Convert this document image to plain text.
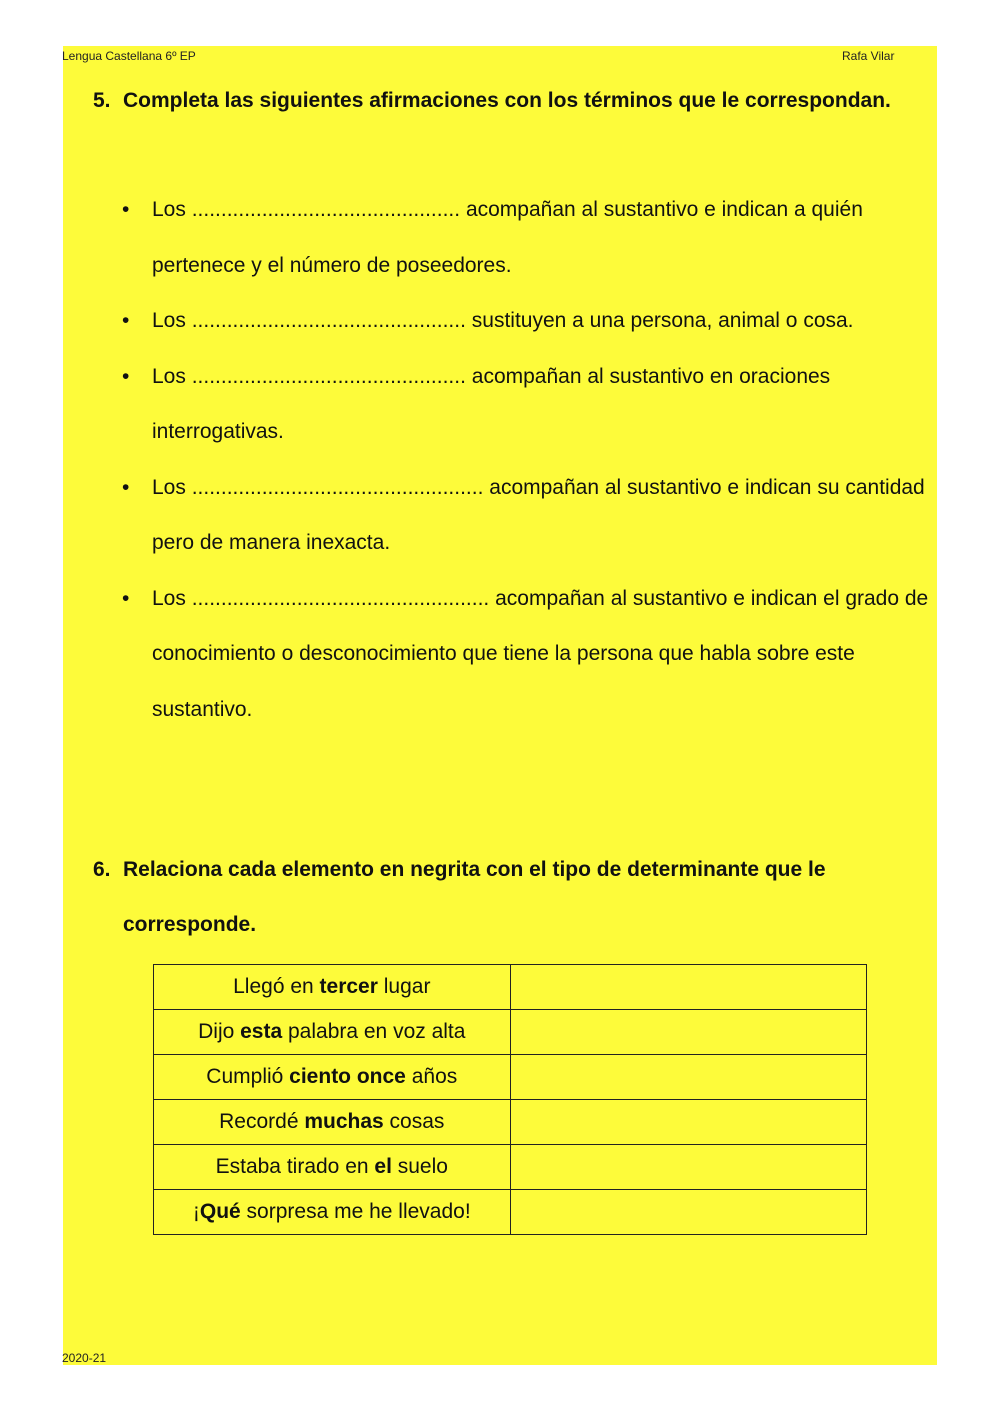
Lengua Castellana 6º EP	Rafa Vilar
5. Completa las siguientes afirmaciones con los términos que le correspondan.
• Los .............................................. acompañan al sustantivo e indican a quién pertenece y el número de poseedores.
• Los ............................................... sustituyen a una persona, animal o cosa.
• Los ............................................... acompañan al sustantivo en oraciones interrogativas.
• Los .................................................. acompañan al sustantivo e indican su cantidad pero de manera inexacta.
• Los ................................................... acompañan al sustantivo e indican el grado de conocimiento o desconocimiento que tiene la persona que habla sobre este sustantivo.
6. Relaciona cada elemento en negrita con el tipo de determinante que le corresponde.
Llegó en tercer lugar	
Dijo esta palabra en voz alta	
Cumplió ciento once años	
Recordé muchas cosas	
Estaba tirado en el suelo	
¡Qué sorpresa me he llevado!	
2020-21
